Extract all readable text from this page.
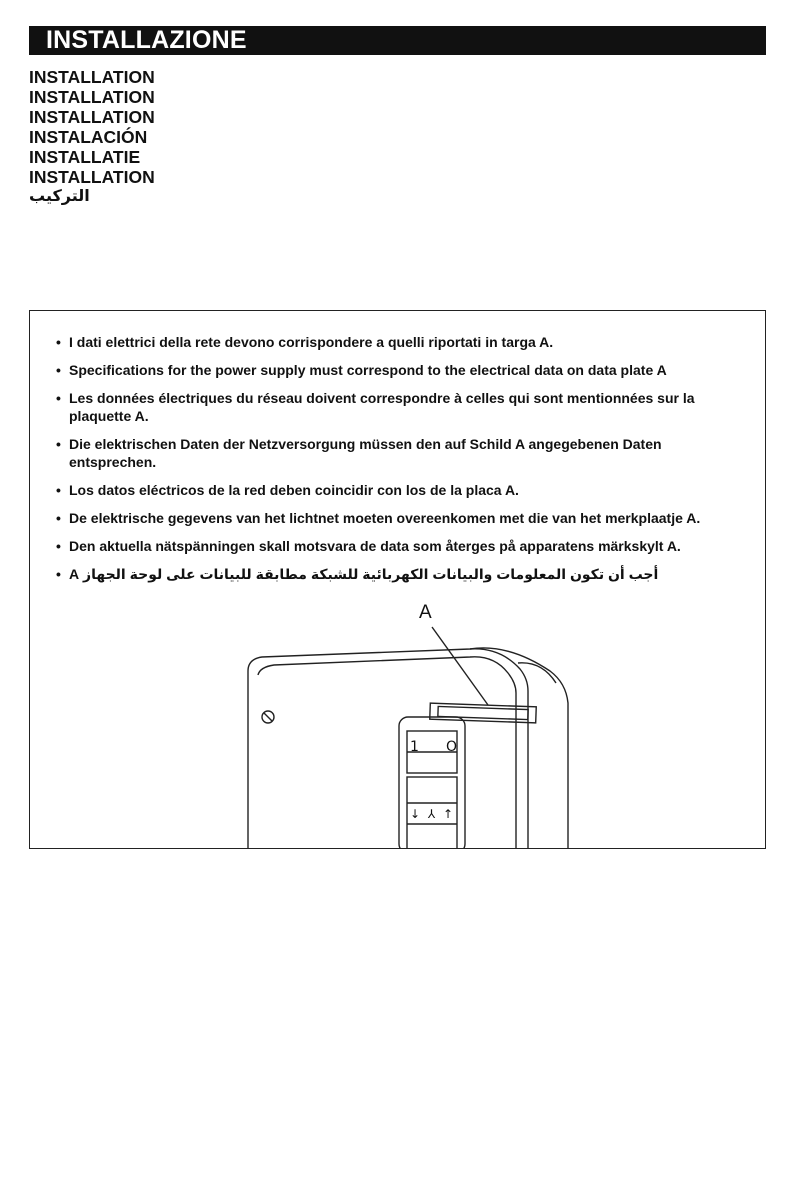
INSTALLAZIONE
INSTALLATION
INSTALLATION
INSTALLATION
INSTALACIÓN
INSTALLATIE
INSTALLATION
التركيب
• I dati elettrici della rete devono corrispondere a quelli riportati in targa A.
• Specifications for the power supply must correspond to the electrical data on data plate A
• Les données électriques du réseau doivent correspondre à celles qui sont mentionnées sur la plaquette A.
• Die elektrischen Daten der Netzversorgung müssen den auf Schild A angegebenen Daten entsprechen.
• Los datos eléctricos de la red deben coincidir con los de la placa A.
• De elektrische gegevens van het lichtnet moeten overeenkomen met die van het merkplaatje A.
• Den aktuella nätspänningen skall motsvara de data som återges på apparatens märkskylt A.
• أجب أن تكون المعلومات والبيانات الكهربائية للشبكة مطابقة للبيانات على لوحة الجهاز A
A
1 O
↓ ⅄ ↑
